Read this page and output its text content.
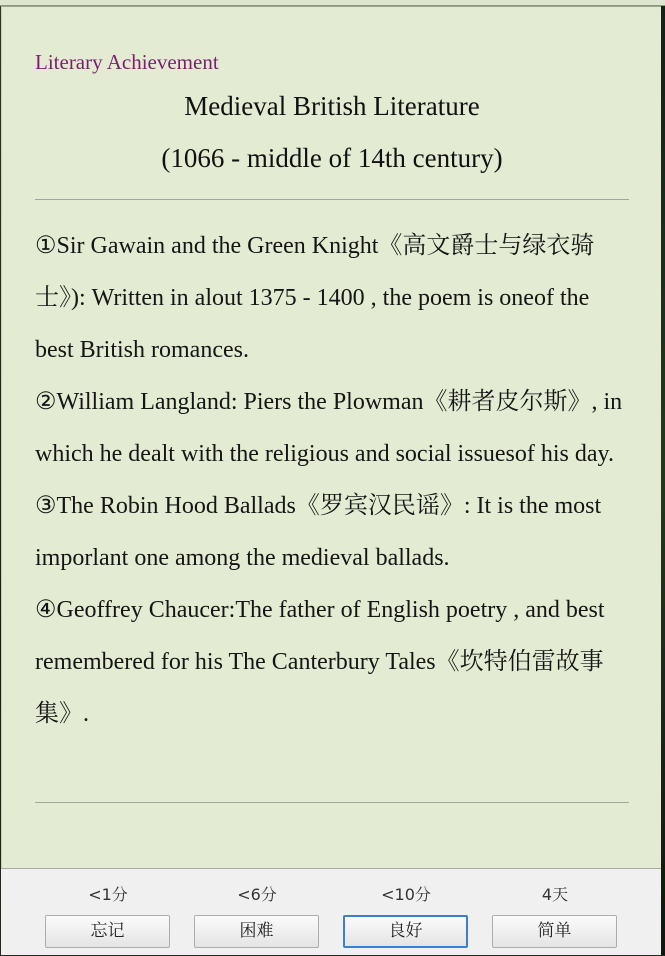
Literary Achievement
Medieval British Literature
(1066 - middle of 14th century)

①Sir Gawain and the Green Knight《高文爵士与绿衣骑士》): Written in alout 1375 - 1400 , the poem is oneof the best British romances.

②William Langland: Piers the Plowman《耕者皮尔斯》, in which he dealt with the religious and social issuesof his day.

③The Robin Hood Ballads《罗宾汉民谣》: It is the most imporlant one among the medieval ballads.

④Geoffrey Chaucer:The father of English poetry , and best remembered for his The Canterbury Tales《坎特伯雷故事集》.

<1分
忘记
<6分
困难
<10分
良好
4天
简单
